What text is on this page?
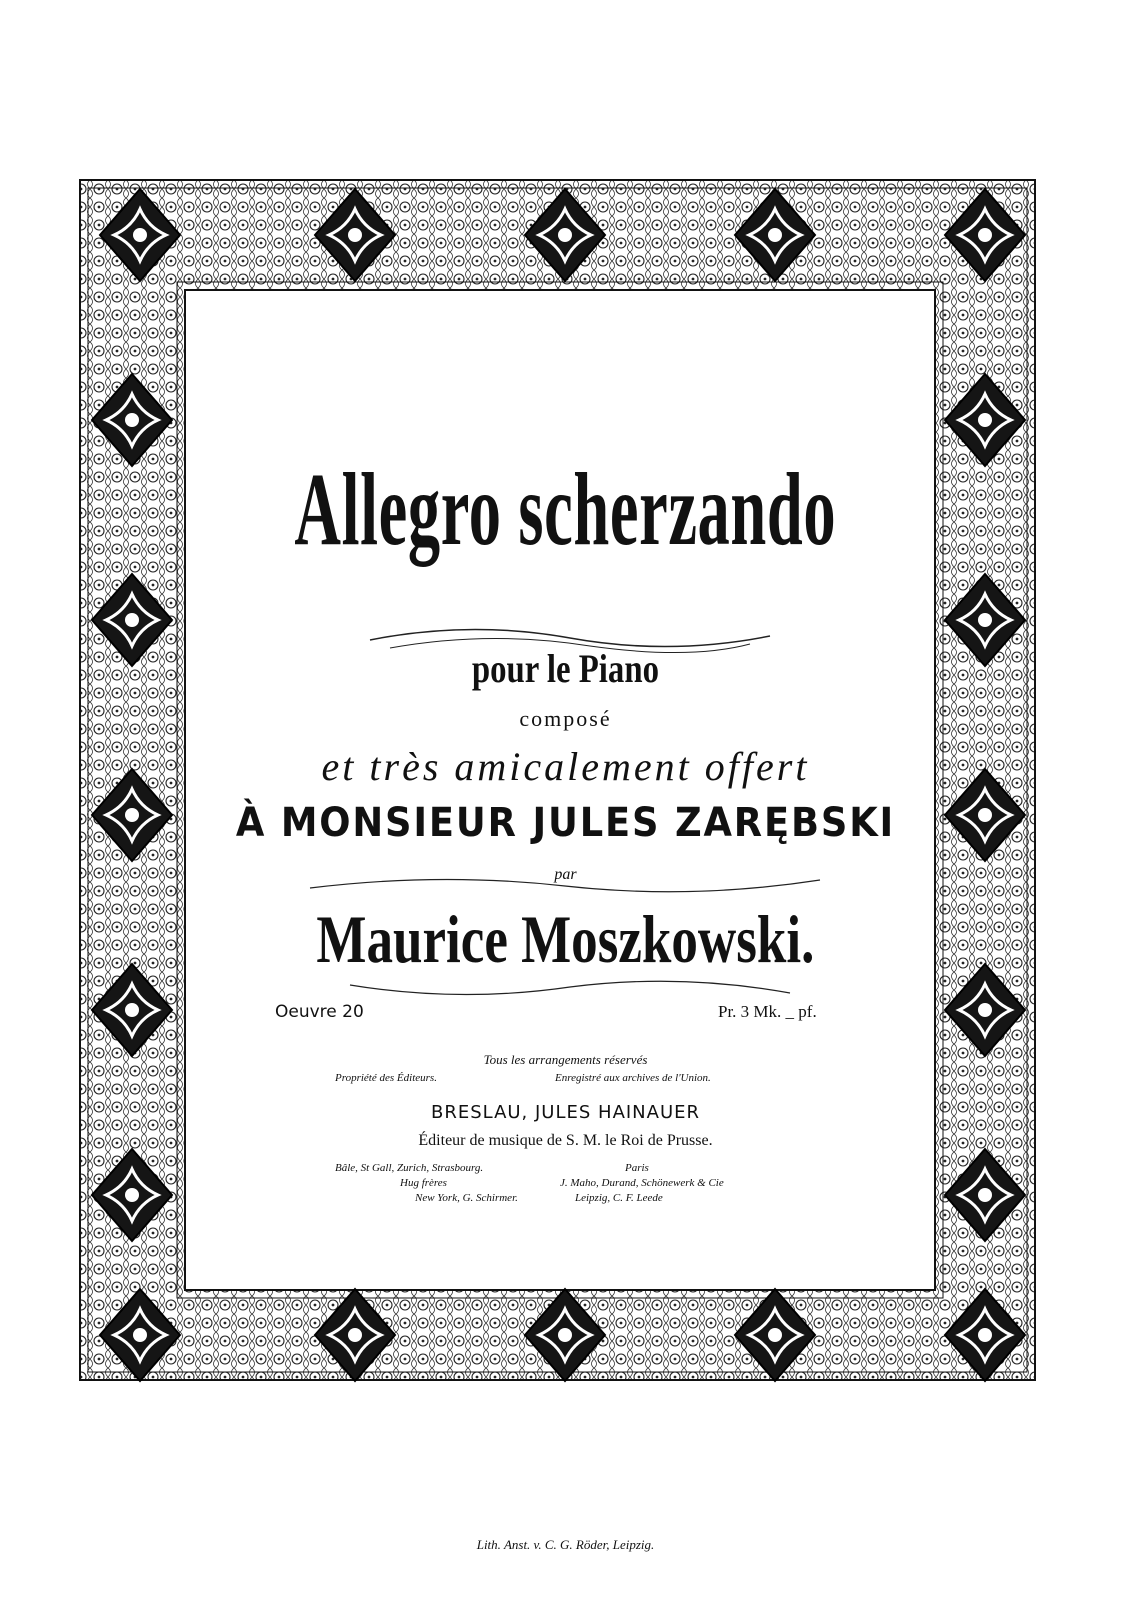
Allegro scherzando
pour le Piano
composé
et très amicalement offert
À MONSIEUR JULES ZARĘBSKI
par
Maurice Moszkowski.
Oeuvre 20	Pr. 3 Mk. _ pf.
Tous les arrangements réservés
Propriété des Éditeurs.	Enregistré aux archives de l'Union.
BRESLAU, JULES HAINAUER
Éditeur de musique de S. M. le Roi de Prusse.
Bâle, St Gall, Zurich, Strasbourg.
Hug frères
New York, G. Schirmer.
Paris
J. Maho, Durand, Schönewerk & Cie
Leipzig, C. F. Leede
Lith. Anst. v. C. G. Röder, Leipzig.
